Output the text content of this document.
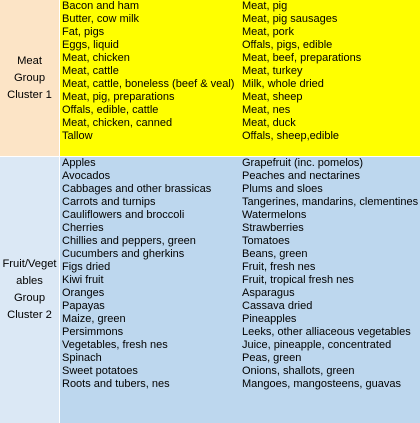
Meat Group
Cluster 1
Bacon and ham
Butter, cow milk
Fat, pigs
Eggs, liquid
Meat, chicken
Meat, cattle
Meat, cattle, boneless (beef & veal)
Meat, pig, preparations
Offals, edible, cattle
Meat, chicken, canned
Tallow
Meat, pig
Meat, pig sausages
Meat, pork
Offals, pigs, edible
Meat, beef, preparations
Meat, turkey
Milk, whole dried
Meat, sheep
Meat, nes
Meat, duck
Offals, sheep,edible
Fruit/Veget
ables Group
Cluster 2
Apples
Avocados
Cabbages and other brassicas
Carrots and turnips
Cauliflowers and broccoli
Cherries
Chillies and peppers, green
Cucumbers and gherkins
Figs dried
Kiwi fruit
Oranges
Papayas
Maize, green
Persimmons
Vegetables, fresh nes
Spinach
Sweet potatoes
Roots and tubers, nes
Grapefruit (inc. pomelos)
Peaches and nectarines
Plums and sloes
Tangerines, mandarins, clementines
Watermelons
Strawberries
Tomatoes
Beans, green
Fruit, fresh nes
Fruit, tropical fresh nes
Asparagus
Cassava dried
Pineapples
Leeks, other alliaceous vegetables
Juice, pineapple, concentrated
Peas, green
Onions, shallots, green
Mangoes, mangosteens, guavas
